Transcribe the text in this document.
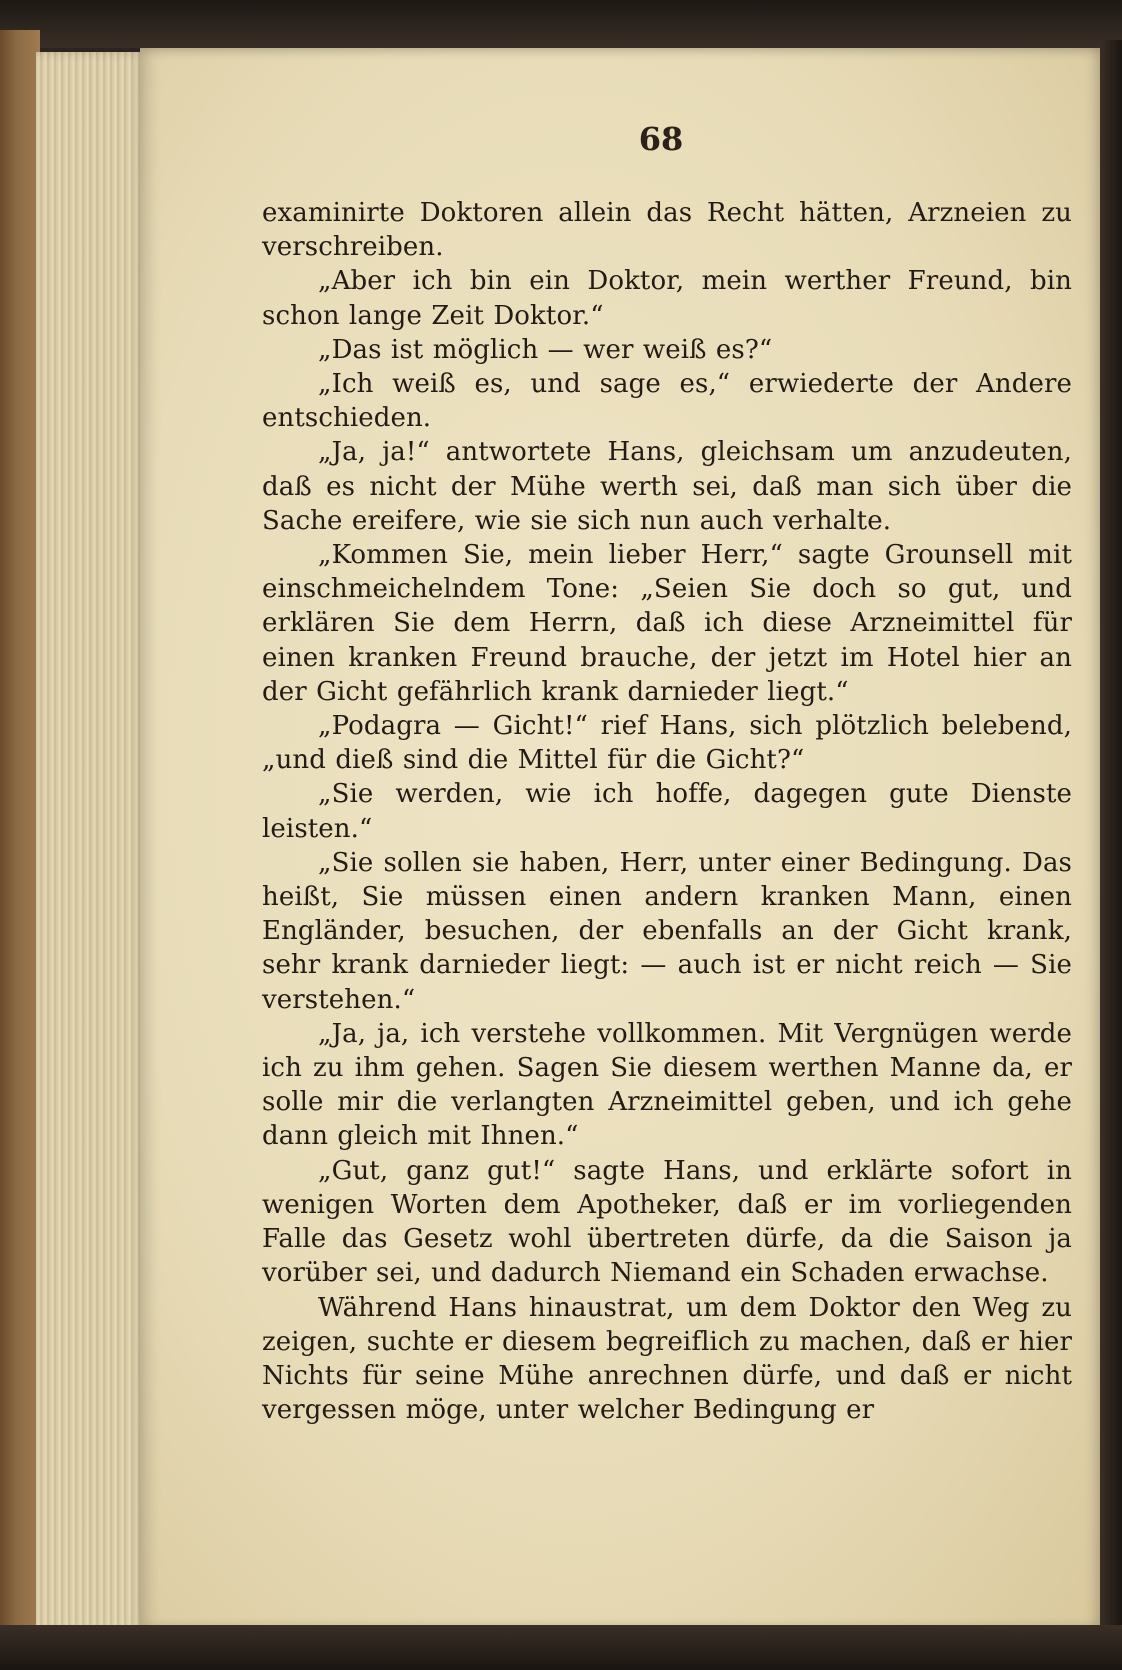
68

examinirte Doktoren allein das Recht hätten, Arzneien zu verschreiben.

„Aber ich bin ein Doktor, mein werther Freund, bin schon lange Zeit Doktor.“

„Das ist möglich — wer weiß es?“

„Ich weiß es, und sage es,“ erwiederte der Andere entschieden.

„Ja, ja!“ antwortete Hans, gleichsam um anzudeuten, daß es nicht der Mühe werth sei, daß man sich über die Sache ereifere, wie sie sich nun auch verhalte.

„Kommen Sie, mein lieber Herr,“ sagte Grounsell mit einschmeichelndem Tone: „Seien Sie doch so gut, und erklären Sie dem Herrn, daß ich diese Arzneimittel für einen kranken Freund brauche, der jetzt im Hotel hier an der Gicht gefährlich krank darnieder liegt.“

„Podagra — Gicht!“ rief Hans, sich plötzlich belebend, „und dieß sind die Mittel für die Gicht?“

„Sie werden, wie ich hoffe, dagegen gute Dienste leisten.“

„Sie sollen sie haben, Herr, unter einer Bedingung. Das heißt, Sie müssen einen andern kranken Mann, einen Engländer, besuchen, der ebenfalls an der Gicht krank, sehr krank darnieder liegt: — auch ist er nicht reich — Sie verstehen.“

„Ja, ja, ich verstehe vollkommen. Mit Vergnügen werde ich zu ihm gehen. Sagen Sie diesem werthen Manne da, er solle mir die verlangten Arzneimittel geben, und ich gehe dann gleich mit Ihnen.“

„Gut, ganz gut!“ sagte Hans, und erklärte sofort in wenigen Worten dem Apotheker, daß er im vorliegenden Falle das Gesetz wohl übertreten dürfe, da die Saison ja vorüber sei, und dadurch Niemand ein Schaden erwachse.

Während Hans hinaustrat, um dem Doktor den Weg zu zeigen, suchte er diesem begreiflich zu machen, daß er hier Nichts für seine Mühe anrechnen dürfe, und daß er nicht vergessen möge, unter welcher Bedingung er
